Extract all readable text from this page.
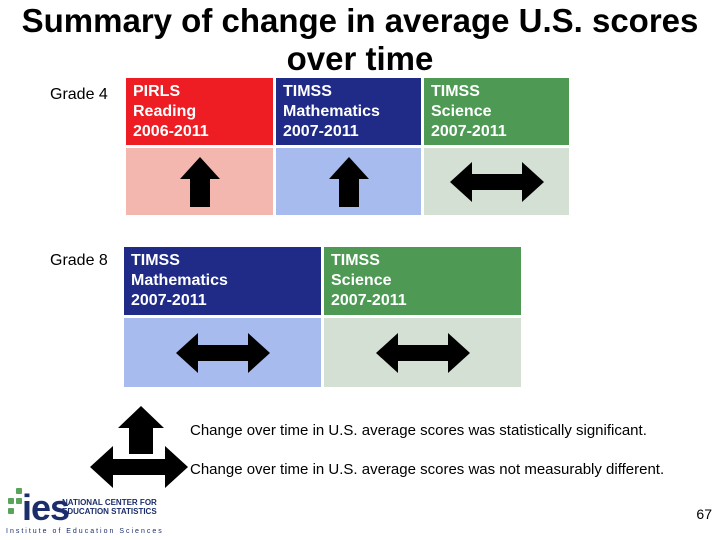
Summary of change in average U.S. scores over time
Grade 4	PIRLS
Reading
2006-2011
TIMSS
Mathematics
2007-2011
TIMSS
Science
2007-2011
Grade 8	TIMSS
Mathematics
2007-2011
TIMSS
Science
2007-2011
Change over time in U.S. average scores was statistically significant.
Change over time in U.S. average scores was not measurably different.
ies
NATIONAL CENTER FOR EDUCATION STATISTICS
Institute of Education Sciences
67
